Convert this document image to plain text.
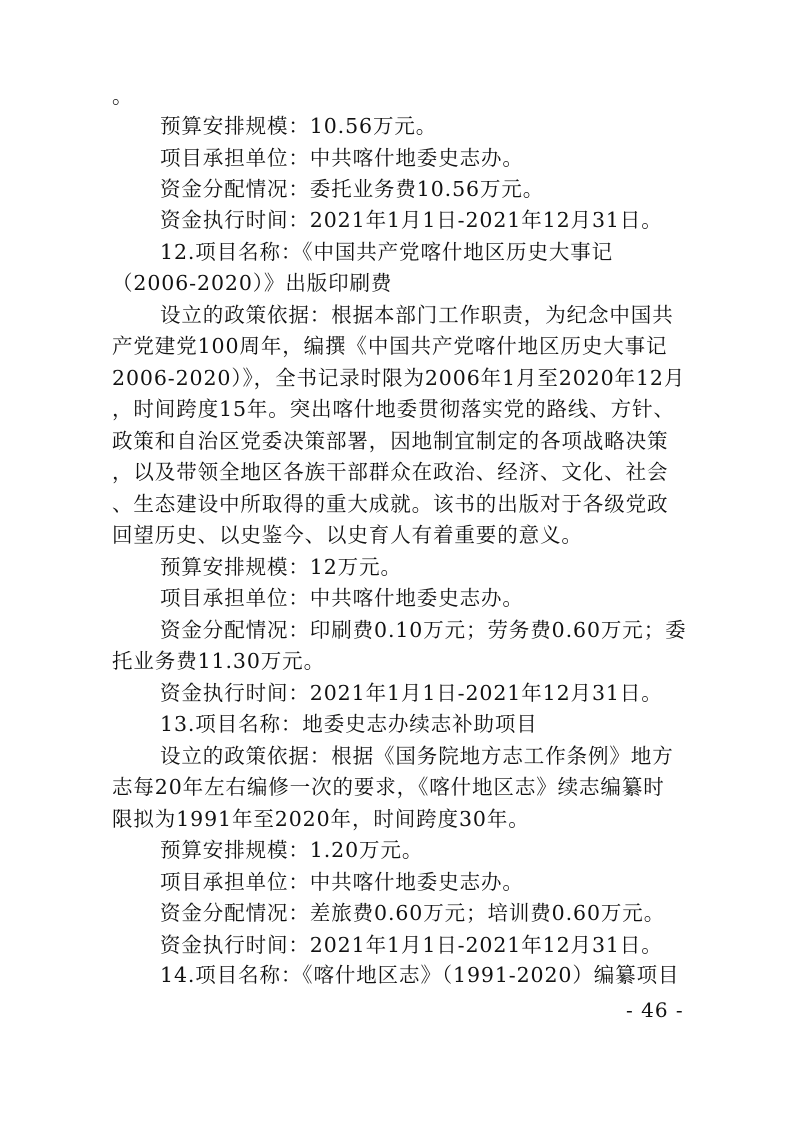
。
预算安排规模：10.56万元。
项目承担单位：中共喀什地委史志办。
资金分配情况：委托业务费10.56万元。
资金执行时间：2021年1月1日-2021年12月31日。
12.项目名称：《中国共产党喀什地区历史大事记
（2006-2020）》出版印刷费
设立的政策依据：根据本部门工作职责，为纪念中国共
产党建党100周年，编撰《中国共产党喀什地区历史大事记
2006-2020）》，全书记录时限为2006年1月至2020年12月
，时间跨度15年。突出喀什地委贯彻落实党的路线、方针、
政策和自治区党委决策部署，因地制宜制定的各项战略决策
，以及带领全地区各族干部群众在政治、经济、文化、社会
、生态建设中所取得的重大成就。该书的出版对于各级党政
回望历史、以史鉴今、以史育人有着重要的意义。
预算安排规模：12万元。
项目承担单位：中共喀什地委史志办。
资金分配情况：印刷费0.10万元；劳务费0.60万元；委
托业务费11.30万元。
资金执行时间：2021年1月1日-2021年12月31日。
13.项目名称：地委史志办续志补助项目
设立的政策依据：根据《国务院地方志工作条例》地方
志每20年左右编修一次的要求，《喀什地区志》续志编纂时
限拟为1991年至2020年，时间跨度30年。
预算安排规模：1.20万元。
项目承担单位：中共喀什地委史志办。
资金分配情况：差旅费0.60万元；培训费0.60万元。
资金执行时间：2021年1月1日-2021年12月31日。
14.项目名称：《喀什地区志》（1991-2020）编纂项目
- 46 -
